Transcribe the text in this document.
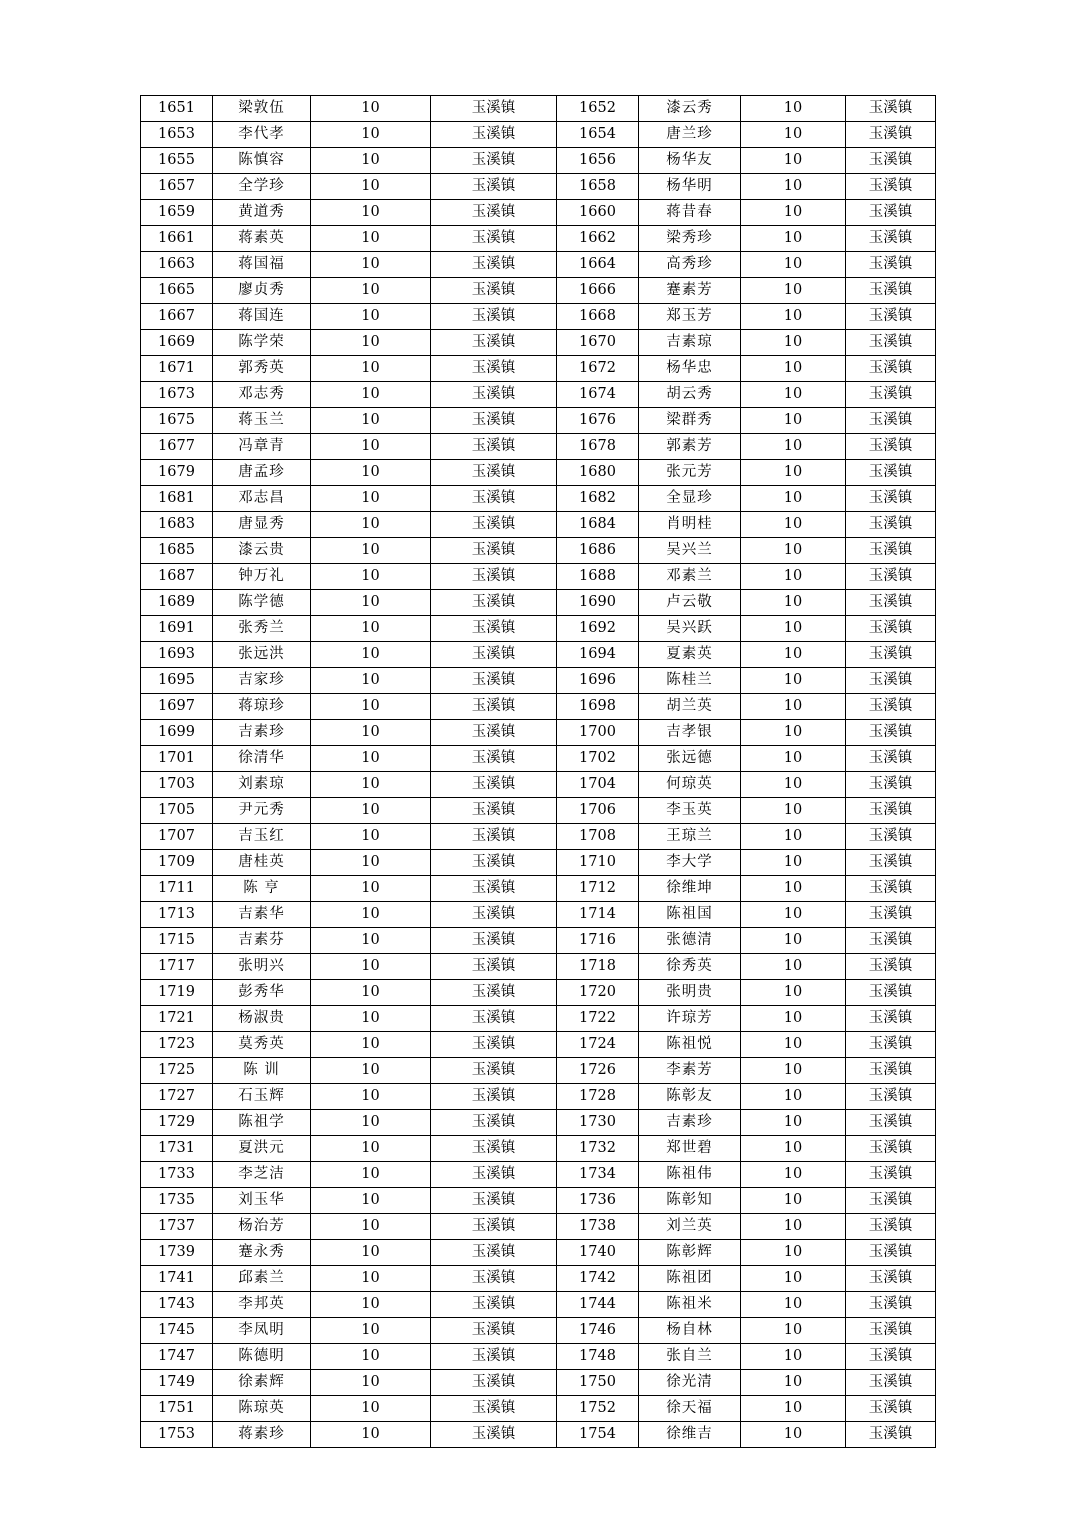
1651	梁敦伍	10	玉溪镇	1652	漆云秀	10	玉溪镇
1653	李代孝	10	玉溪镇	1654	唐兰珍	10	玉溪镇
1655	陈慎容	10	玉溪镇	1656	杨华友	10	玉溪镇
1657	全学珍	10	玉溪镇	1658	杨华明	10	玉溪镇
1659	黄道秀	10	玉溪镇	1660	蒋昔春	10	玉溪镇
1661	蒋素英	10	玉溪镇	1662	梁秀珍	10	玉溪镇
1663	蒋国福	10	玉溪镇	1664	高秀珍	10	玉溪镇
1665	廖贞秀	10	玉溪镇	1666	蹇素芳	10	玉溪镇
1667	蒋国连	10	玉溪镇	1668	郑玉芳	10	玉溪镇
1669	陈学荣	10	玉溪镇	1670	吉素琼	10	玉溪镇
1671	郭秀英	10	玉溪镇	1672	杨华忠	10	玉溪镇
1673	邓志秀	10	玉溪镇	1674	胡云秀	10	玉溪镇
1675	蒋玉兰	10	玉溪镇	1676	梁群秀	10	玉溪镇
1677	冯章青	10	玉溪镇	1678	郭素芳	10	玉溪镇
1679	唐孟珍	10	玉溪镇	1680	张元芳	10	玉溪镇
1681	邓志昌	10	玉溪镇	1682	全显珍	10	玉溪镇
1683	唐显秀	10	玉溪镇	1684	肖明桂	10	玉溪镇
1685	漆云贵	10	玉溪镇	1686	吴兴兰	10	玉溪镇
1687	钟万礼	10	玉溪镇	1688	邓素兰	10	玉溪镇
1689	陈学德	10	玉溪镇	1690	卢云敬	10	玉溪镇
1691	张秀兰	10	玉溪镇	1692	吴兴跃	10	玉溪镇
1693	张远洪	10	玉溪镇	1694	夏素英	10	玉溪镇
1695	吉家珍	10	玉溪镇	1696	陈桂兰	10	玉溪镇
1697	蒋琼珍	10	玉溪镇	1698	胡兰英	10	玉溪镇
1699	吉素珍	10	玉溪镇	1700	吉孝银	10	玉溪镇
1701	徐清华	10	玉溪镇	1702	张远德	10	玉溪镇
1703	刘素琼	10	玉溪镇	1704	何琼英	10	玉溪镇
1705	尹元秀	10	玉溪镇	1706	李玉英	10	玉溪镇
1707	吉玉红	10	玉溪镇	1708	王琼兰	10	玉溪镇
1709	唐桂英	10	玉溪镇	1710	李大学	10	玉溪镇
1711	陈 亨	10	玉溪镇	1712	徐维坤	10	玉溪镇
1713	吉素华	10	玉溪镇	1714	陈祖国	10	玉溪镇
1715	吉素芬	10	玉溪镇	1716	张德清	10	玉溪镇
1717	张明兴	10	玉溪镇	1718	徐秀英	10	玉溪镇
1719	彭秀华	10	玉溪镇	1720	张明贵	10	玉溪镇
1721	杨淑贵	10	玉溪镇	1722	许琼芳	10	玉溪镇
1723	莫秀英	10	玉溪镇	1724	陈祖悦	10	玉溪镇
1725	陈 训	10	玉溪镇	1726	李素芳	10	玉溪镇
1727	石玉辉	10	玉溪镇	1728	陈彰友	10	玉溪镇
1729	陈祖学	10	玉溪镇	1730	吉素珍	10	玉溪镇
1731	夏洪元	10	玉溪镇	1732	郑世碧	10	玉溪镇
1733	李芝洁	10	玉溪镇	1734	陈祖伟	10	玉溪镇
1735	刘玉华	10	玉溪镇	1736	陈彰知	10	玉溪镇
1737	杨治芳	10	玉溪镇	1738	刘兰英	10	玉溪镇
1739	蹇永秀	10	玉溪镇	1740	陈彰辉	10	玉溪镇
1741	邱素兰	10	玉溪镇	1742	陈祖团	10	玉溪镇
1743	李邦英	10	玉溪镇	1744	陈祖米	10	玉溪镇
1745	李凤明	10	玉溪镇	1746	杨自林	10	玉溪镇
1747	陈德明	10	玉溪镇	1748	张自兰	10	玉溪镇
1749	徐素辉	10	玉溪镇	1750	徐光清	10	玉溪镇
1751	陈琼英	10	玉溪镇	1752	徐天福	10	玉溪镇
1753	蒋素珍	10	玉溪镇	1754	徐维吉	10	玉溪镇
